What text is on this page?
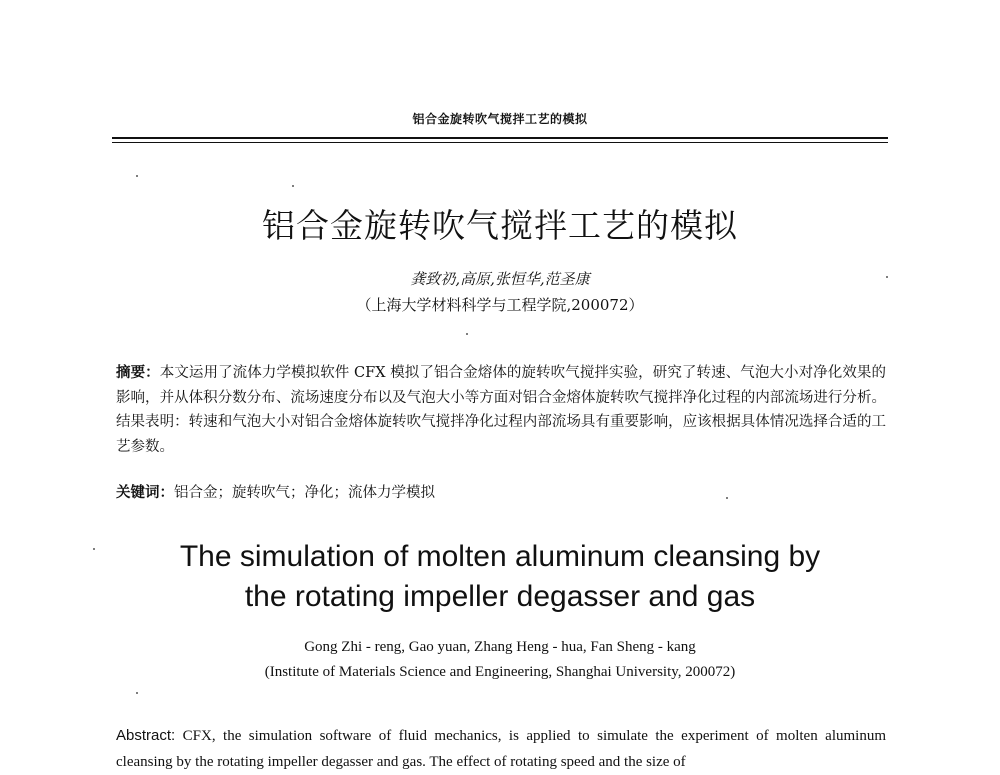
铝合金旋转吹气搅拌工艺的模拟
铝合金旋转吹气搅拌工艺的模拟
龚致礽,高原,张恒华,范圣康
（上海大学材料科学与工程学院,200072）
摘要：本文运用了流体力学模拟软件 CFX 模拟了铝合金熔体的旋转吹气搅拌实验，研究了转速、气泡大小对净化效果的影响，并从体积分数分布、流场速度分布以及气泡大小等方面对铝合金熔体旋转吹气搅拌净化过程的内部流场进行分析。结果表明：转速和气泡大小对铝合金熔体旋转吹气搅拌净化过程内部流场具有重要影响，应该根据具体情况选择合适的工艺参数。
关键词：铝合金；旋转吹气；净化；流体力学模拟
The simulation of molten aluminum cleansing by
the rotating impeller degasser and gas
Gong Zhi - reng, Gao yuan, Zhang Heng - hua, Fan Sheng - kang
(Institute of Materials Science and Engineering, Shanghai University, 200072)
Abstract: CFX, the simulation software of fluid mechanics, is applied to simulate the experiment of molten aluminum cleansing by the rotating impeller degasser and gas. The effect of rotating speed and the size of
